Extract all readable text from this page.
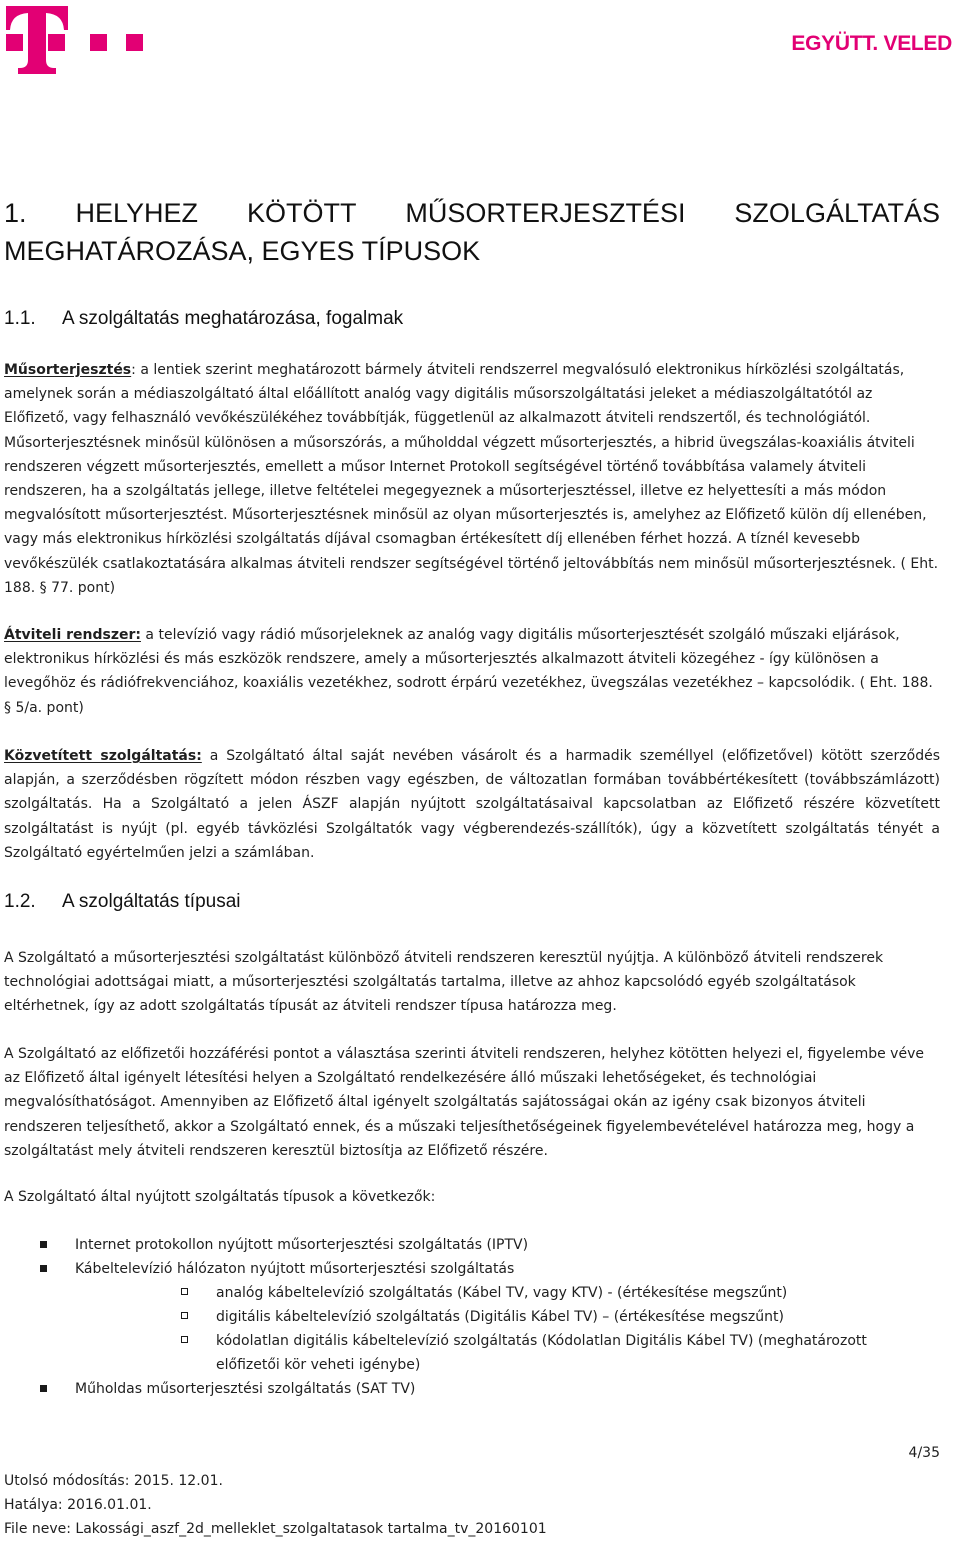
EGYÜTT. VELED
1. HELYHEZ KÖTÖTT MŰSORTERJESZTÉSI SZOLGÁLTATÁS
MEGHATÁROZÁSA, EGYES TÍPUSOK
1.1. A szolgáltatás meghatározása, fogalmak
Műsorterjesztés: a lentiek szerint meghatározott bármely átviteli rendszerrel megvalósuló elektronikus hírközlési szolgáltatás, amelynek során a médiaszolgáltató által előállított analóg vagy digitális műsorszolgáltatási jeleket a médiaszolgáltatótól az Előfizető, vagy felhasználó vevőkészülékéhez továbbítják, függetlenül az alkalmazott átviteli rendszertől, és technológiától. Műsorterjesztésnek minősül különösen a műsorszórás, a műholddal végzett műsorterjesztés, a hibrid üvegszálas-koaxiális átviteli rendszeren végzett műsorterjesztés, emellett a műsor Internet Protokoll segítségével történő továbbítása valamely átviteli rendszeren, ha a szolgáltatás jellege, illetve feltételei megegyeznek a műsorterjesztéssel, illetve ez helyettesíti a más módon megvalósított műsorterjesztést. Műsorterjesztésnek minősül az olyan műsorterjesztés is, amelyhez az Előfizető külön díj ellenében, vagy más elektronikus hírközlési szolgáltatás díjával csomagban értékesített díj ellenében férhet hozzá. A tíznél kevesebb vevőkészülék csatlakoztatására alkalmas átviteli rendszer segítségével történő jeltovábbítás nem minősül műsorterjesztésnek. ( Eht. 188. § 77. pont)
Átviteli rendszer: a televízió vagy rádió műsorjeleknek az analóg vagy digitális műsorterjesztését szolgáló műszaki eljárások, elektronikus hírközlési és más eszközök rendszere, amely a műsorterjesztés alkalmazott átviteli közegéhez - így különösen a levegőhöz és rádiófrekvenciához, koaxiális vezetékhez, sodrott érpárú vezetékhez, üvegszálas vezetékhez – kapcsolódik. ( Eht. 188. § 5/a. pont)
Közvetített szolgáltatás: a Szolgáltató által saját nevében vásárolt és a harmadik személlyel (előfizetővel) kötött szerződés alapján, a szerződésben rögzített módon részben vagy egészben, de változatlan formában továbbértékesített (továbbszámlázott) szolgáltatás. Ha a Szolgáltató a jelen ÁSZF alapján nyújtott szolgáltatásaival kapcsolatban az Előfizető részére közvetített szolgáltatást is nyújt (pl. egyéb távközlési Szolgáltatók vagy végberendezés-szállítók), úgy a közvetített szolgáltatás tényét a Szolgáltató egyértelműen jelzi a számlában.
1.2. A szolgáltatás típusai
A Szolgáltató a műsorterjesztési szolgáltatást különböző átviteli rendszeren keresztül nyújtja. A különböző átviteli rendszerek technológiai adottságai miatt, a műsorterjesztési szolgáltatás tartalma, illetve az ahhoz kapcsolódó egyéb szolgáltatások eltérhetnek, így az adott szolgáltatás típusát az átviteli rendszer típusa határozza meg.
A Szolgáltató az előfizetői hozzáférési pontot a választása szerinti átviteli rendszeren, helyhez kötötten helyezi el, figyelembe véve az Előfizető által igényelt létesítési helyen a Szolgáltató rendelkezésére álló műszaki lehetőségeket, és technológiai megvalósíthatóságot. Amennyiben az Előfizető által igényelt szolgáltatás sajátosságai okán az igény csak bizonyos átviteli rendszeren teljesíthető, akkor a Szolgáltató ennek, és a műszaki teljesíthetőségeinek figyelembevételével határozza meg, hogy a szolgáltatást mely átviteli rendszeren keresztül biztosítja az Előfizető részére.
A Szolgáltató által nyújtott szolgáltatás típusok a következők:
Internet protokollon nyújtott műsorterjesztési szolgáltatás (IPTV)
Kábeltelevízió hálózaton nyújtott műsorterjesztési szolgáltatás
analóg kábeltelevízió szolgáltatás (Kábel TV, vagy KTV) - (értékesítése megszűnt)
digitális kábeltelevízió szolgáltatás (Digitális Kábel TV) – (értékesítése megszűnt)
kódolatlan digitális kábeltelevízió szolgáltatás (Kódolatlan Digitális Kábel TV) (meghatározott előfizetői kör veheti igénybe)
Műholdas műsorterjesztési szolgáltatás (SAT TV)
4/35
Utolsó módosítás: 2015. 12.01.
Hatálya: 2016.01.01.
File neve: Lakossági_aszf_2d_melleklet_szolgaltatasok tartalma_tv_20160101
